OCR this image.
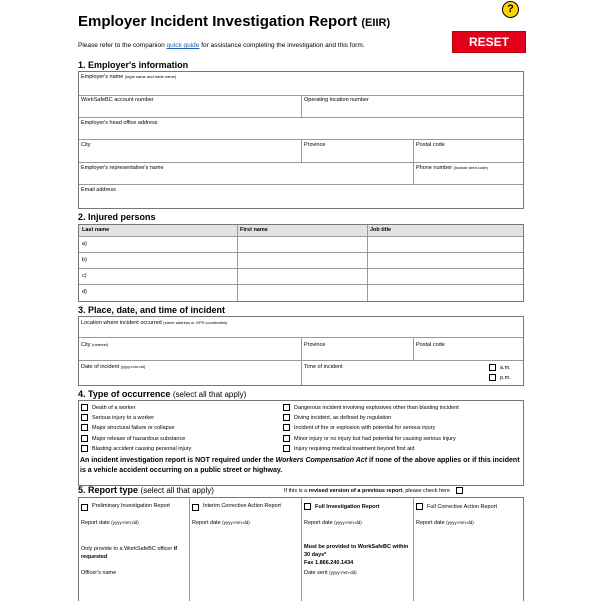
Employer Incident Investigation Report (EIIR)
?
RESET
Please refer to the companion quick guide for assistance completing the investigation and this form.
1. Employer's information
Employer's name (legal name and trade name)
WorkSafeBC account number	Operating location number
Employer's head office address
City	Province	Postal code
Employer's representative's name	Phone number (include area code)
Email address
2. Injured persons
Last name	First name	Job title
a)
b)
c)
d)
3. Place, date, and time of incident
Location where incident occurred (street address or GPS coordinates)
City (nearest)	Province	Postal code
Date of incident (yyyy-mm-dd)	Time of incident	a.m.
p.m.
4. Type of occurrence (select all that apply)
Death of a worker
Serious injury to a worker
Major structural failure or collapse
Major release of hazardous substance
Blasting accident causing personal injury
Dangerous incident involving explosives other than blasting incident
Diving incident, as defined by regulation
Incident of fire or explosion with potential for serious injury
Minor injury or no injury but had potential for causing serious injury
Injury requiring medical treatment beyond first aid
An incident investigation report is NOT required under the Workers Compensation Act if none of the above applies or if this incident is a vehicle accident occurring on a public street or highway.
5. Report type (select all that apply)	If this is a revised version of a previous report, please check here
Preliminary Investigation Report
Report date (yyyy-mm-dd)
Only provide to a WorkSafeBC officer if requested
Officer's name
Interim Corrective Action Report
Report date (yyyy-mm-dd)
Full Investigation Report
Report date (yyyy-mm-dd)
Must be provided to WorkSafeBC within 30 days*
Fax 1.866.240.1434
Date sent (yyyy-mm-dd)
Full Corrective Action Report
Report date (yyyy-mm-dd)
